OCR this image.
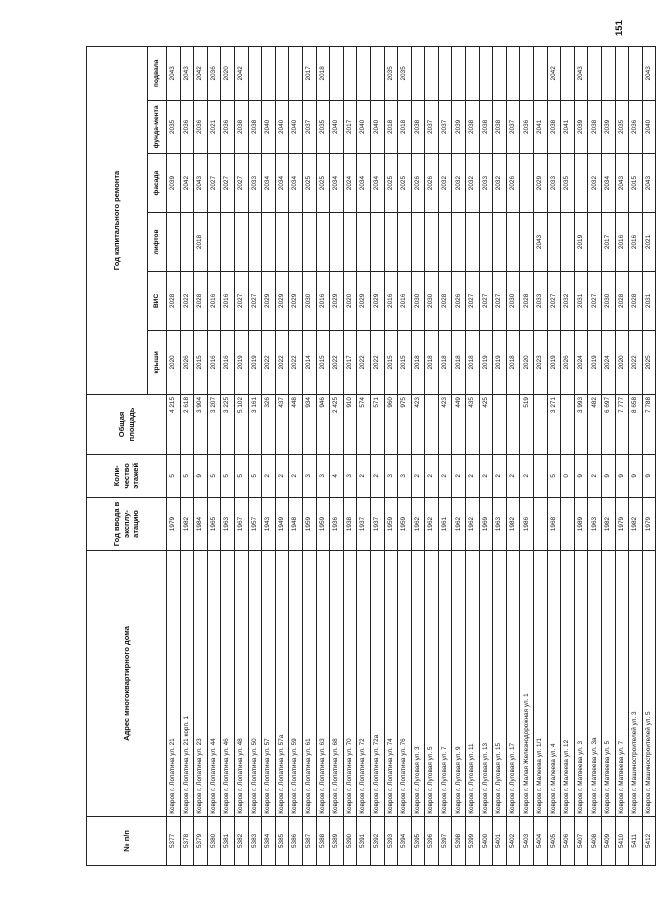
151
№ п/п	Адрес многоквартирного дома	Год ввода в эксплу-атацию	Коли-чество этажей	Общая площадь	Год капитального ремонта					
					крыши	ВИС	лифтов	фасада	фунда-мента	подвала
5377	Ковров г. Лопатина ул. 21	1979	5	4 215	2020	2028		2039	2035	2043
5378	Ковров г. Лопатина ул. 21 корп. 1	1982	5	2 618	2026	2022		2042	2036	2043
5379	Ковров г. Лопатина ул. 23	1984	9	3 904	2015	2028	2018	2043	2036	2042
5380	Ковров г. Лопатина ул. 44	1965	5	3 207	2016	2016		2027	2021	2036
5381	Ковров г. Лопатина ул. 46	1963	5	3 225	2016	2016		2027	2036	2020
5382	Ковров г. Лопатина ул. 48	1967	5	5 102	2019	2027		2027	2038	2042
5383	Ковров г. Лопатина ул. 50	1957	5	3 161	2019	2027		2033	2038	
5384	Ковров г. Лопатина ул. 57	1943	2	326	2022	2029		2034	2040	
5385	Ковров г. Лопатина ул. 57а	1949	2	437	2022	2029		2034	2040	
5386	Ковров г. Лопатина ул. 59	1948	2	448	2022	2029		2034	2040	
5387	Ковров г. Лопатина ул. 61	1959	3	934	2014	2030		2025	2037	2017
5388	Ковров г. Лопатина ул. 63	1959	3	946	2015	2016		2025	2035	2018
5389	Ковров г. Лопатина ул. 68	1936	4	2 425	2022	2029		2034	2040	
5390	Ковров г. Лопатина ул. 70	1938	3	910	2017	2020		2024	2017	
5391	Ковров г. Лопатина ул. 72	1937	2	574	2022	2029		2034	2040	
5392	Ковров г. Лопатина ул. 72а	1937	2	571	2022	2029		2034	2040	
5393	Ковров г. Лопатина ул. 74	1959	3	960	2015	2016		2025	2018	2035
5394	Ковров г. Лопатина ул. 76	1959	3	975	2015	2016		2025	2018	2035
5395	Ковров г. Луговая ул. 3	1962	2	423	2018	2030		2026	2038	
5396	Ковров г. Луговая ул. 5	1962	2		2018	2030		2026	2037	
5397	Ковров г. Луговая ул. 7	1961	2	423	2018	2028		2032	2037	
5398	Ковров г. Луговая ул. 9	1962	2	449	2018	2026		2032	2039	
5399	Ковров г. Луговая ул. 11	1962	2	435	2018	2027		2032	2038	
5400	Ковров г. Луговая ул. 13	1969	2	425	2019	2027		2033	2038	
5401	Ковров г. Луговая ул. 15	1963	2		2019	2027		2032	2038	
5402	Ковров г. Луговая ул. 17	1982	2		2018	2030		2026	2037	
5403	Ковров г. Малая Железнодорожная ул. 1	1986	2	519	2020	2028			2036	
5404	Ковров г. Малеева ул. 1/1				2023	2033	2043	2029	2041	
5405	Ковров г. Малеева ул. 4	1968	5	3 271	2019	2027		2033	2038	2042
5406	Ковров г. Малеева ул. 12		0		2026	2032		2035	2041	
5407	Ковров г. Матвеева ул. 3	1989	9	3 993	2024	2031	2019		2039	2043
5408	Ковров г. Матвеева ул. 3а	1963	2	482	2019	2027		2032	2038	
5409	Ковров г. Матвеева ул. 5	1982	9	6 697	2024	2030	2017	2034	2039	
5410	Ковров г. Матвеева ул. 7	1979	9	7 777	2020	2028	2016	2043	2035	
5411	Ковров г. Машиностроителей ул. 3	1982	9	8 658	2022	2028	2016	2015	2036	
5412	Ковров г. Машиностроителей ул. 5	1979	9	7 788	2025	2031	2021	2043	2040	2043
